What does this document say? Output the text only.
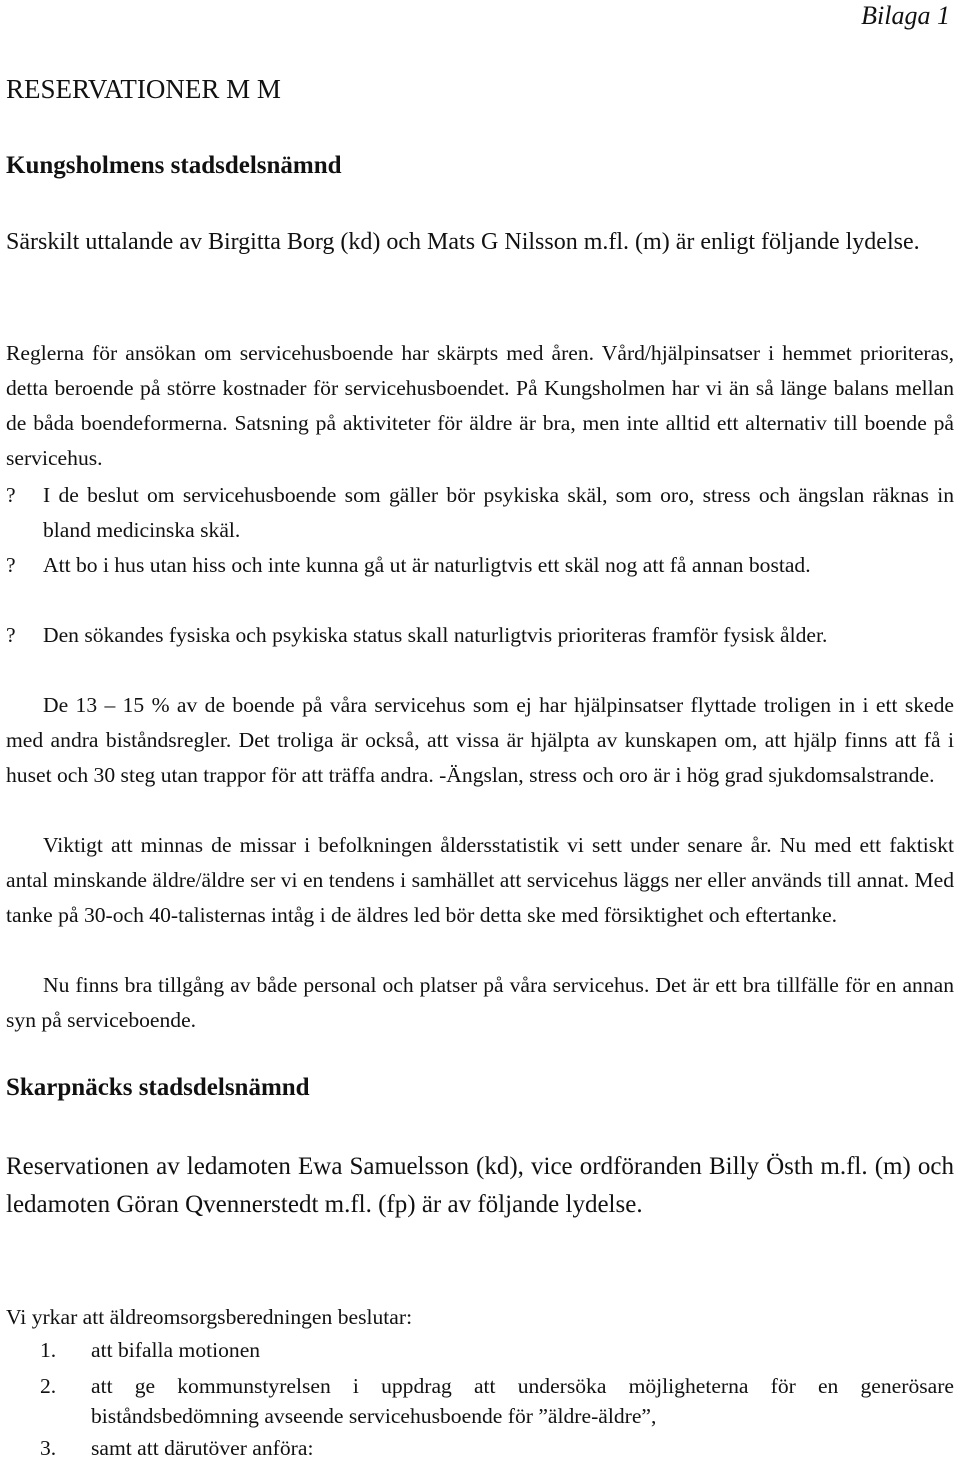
Bilaga 1
RESERVATIONER M M
Kungsholmens stadsdelsnämnd

Särskilt uttalande av Birgitta Borg (kd) och Mats G Nilsson m.fl. (m) är enligt följande lydelse.

Reglerna för ansökan om servicehusboende har skärpts med åren. Vård/hjälpinsatser i hemmet prioriteras, detta beroende på större kostnader för servicehusboendet. På Kungsholmen har vi än så länge balans mellan de båda boendeformerna. Satsning på aktiviteter för äldre är bra, men inte alltid ett alternativ till boende på servicehus.

? I de beslut om servicehusboende som gäller bör psykiska skäl, som oro, stress och ängslan räknas in bland medicinska skäl.
? Att bo i hus utan hiss och inte kunna gå ut är naturligtvis ett skäl nog att få annan bostad.
? Den sökandes fysiska och psykiska status skall naturligtvis prioriteras framför fysisk ålder.

De 13 – 15 % av de boende på våra servicehus som ej har hjälpinsatser flyttade troligen in i ett skede med andra biståndsregler. Det troliga är också, att vissa är hjälpta av kunskapen om, att hjälp finns att få i huset och 30 steg utan trappor för att träffa andra. -Ängslan, stress och oro är i hög grad sjukdomsalstrande.

Viktigt att minnas de missar i befolkningen åldersstatistik vi sett under senare år. Nu med ett faktiskt antal minskande äldre/äldre ser vi en tendens i samhället att servicehus läggs ner eller används till annat. Med tanke på 30-och 40-talisternas intåg i de äldres led bör detta ske med försiktighet och eftertanke.

Nu finns bra tillgång av både personal och platser på våra servicehus. Det är ett bra tillfälle för en annan syn på serviceboende.

Skarpnäcks stadsdelsnämnd

Reservationen av ledamoten Ewa Samuelsson (kd), vice ordföranden Billy Östh m.fl. (m) och ledamoten Göran Qvennerstedt m.fl. (fp) är av följande lydelse.

Vi yrkar att äldreomsorgsberedningen beslutar:
1. att bifalla motionen
2. att ge kommunstyrelsen i uppdrag att undersöka möjligheterna för en generösare biståndsbedömning avseende servicehusboende för ”äldre-äldre”,
3. samt att därutöver anföra:
